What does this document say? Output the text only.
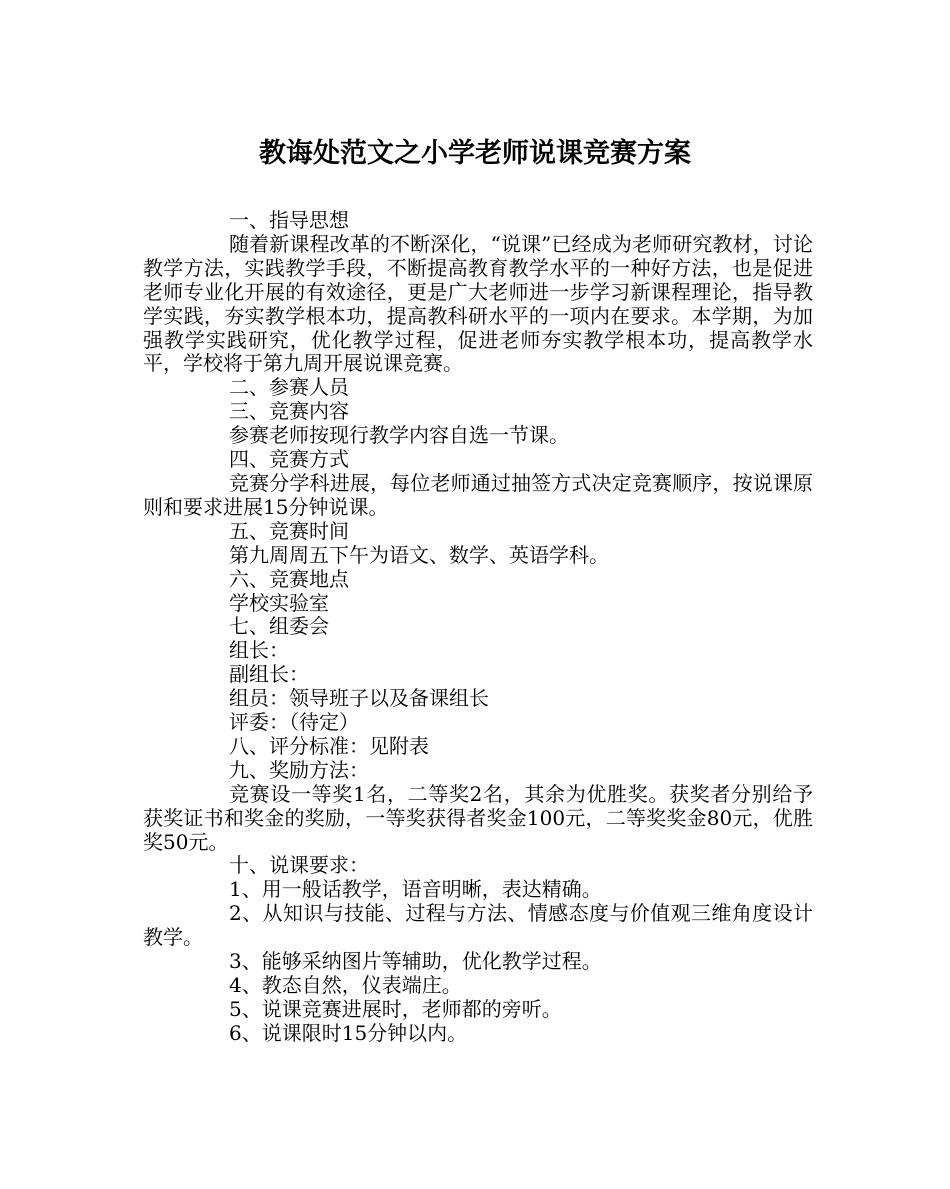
教诲处范文之小学老师说课竞赛方案

一、指导思想

随着新课程改革的不断深化，“说课”已经成为老师研究教材，讨论教学方法，实践教学手段，不断提高教育教学水平的一种好方法，也是促进老师专业化开展的有效途径，更是广大老师进一步学习新课程理论，指导教学实践，夯实教学根本功，提高教科研水平的一项内在要求。本学期，为加强教学实践研究，优化教学过程，促进老师夯实教学根本功，提高教学水平，学校将于第九周开展说课竞赛。

二、参赛人员

三、竞赛内容

参赛老师按现行教学内容自选一节课。

四、竞赛方式

竞赛分学科进展，每位老师通过抽签方式决定竞赛顺序，按说课原则和要求进展15分钟说课。

五、竞赛时间

第九周周五下午为语文、数学、英语学科。

六、竞赛地点

学校实验室

七、组委会

组长：

副组长：

组员：领导班子以及备课组长

评委：（待定）

八、评分标准：见附表

九、奖励方法：

竞赛设一等奖1名，二等奖2名，其余为优胜奖。获奖者分别给予获奖证书和奖金的奖励，一等奖获得者奖金100元，二等奖奖金80元，优胜奖50元。

十、说课要求：

1、用一般话教学，语音明晰，表达精确。

2、从知识与技能、过程与方法、情感态度与价值观三维角度设计教学。

3、能够采纳图片等辅助，优化教学过程。

4、教态自然，仪表端庄。

5、说课竞赛进展时，老师都的旁听。

6、说课限时15分钟以内。
